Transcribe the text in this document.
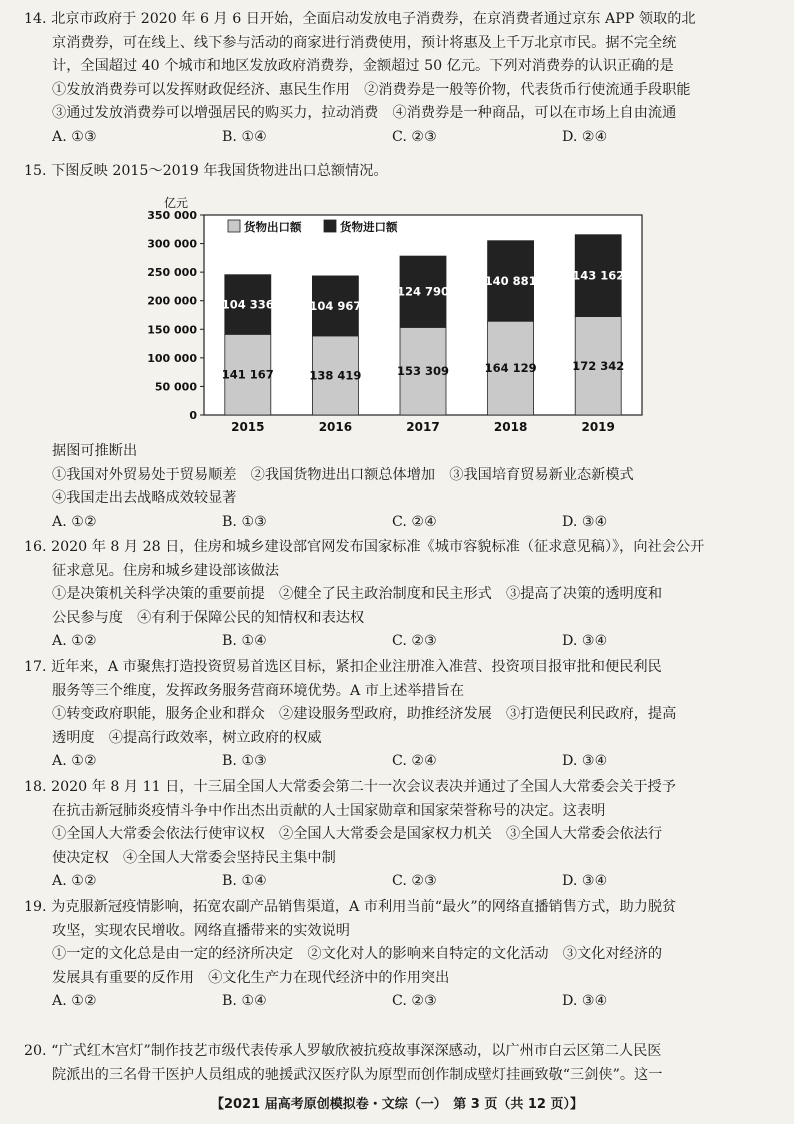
14. 北京市政府于 2020 年 6 月 6 日开始，全面启动发放电子消费券，在京消费者通过京东 APP 领取的北
京消费券，可在线上、线下参与活动的商家进行消费使用，预计将惠及上千万北京市民。据不完全统
计，全国超过 40 个城市和地区发放政府消费券，金额超过 50 亿元。下列对消费券的认识正确的是
①发放消费券可以发挥财政促经济、惠民生作用　②消费券是一般等价物，代表货币行使流通手段职能
③通过发放消费券可以增强居民的购买力，拉动消费　④消费券是一种商品，可以在市场上自由流通
A. ①③	B. ①④	C. ②③	D. ②④
15. 下图反映 2015～2019 年我国货物进出口总额情况。
亿元
0
50 000
100 000
150 000
200 000
250 000
300 000
350 000
141 167
104 336
2015
138 419
104 967
2016
153 309
124 790
2017
164 129
140 881
2018
172 342
143 162
2019
货物出口额	货物进口额
据图可推断出
①我国对外贸易处于贸易顺差　②我国货物进出口额总体增加　③我国培育贸易新业态新模式
④我国走出去战略成效较显著
A. ①②	B. ①③	C. ②④	D. ③④
16. 2020 年 8 月 28 日，住房和城乡建设部官网发布国家标准《城市容貌标准（征求意见稿）》，向社会公开
征求意见。住房和城乡建设部该做法
①是决策机关科学决策的重要前提　②健全了民主政治制度和民主形式　③提高了决策的透明度和
公民参与度　④有利于保障公民的知情权和表达权
A. ①②	B. ①④	C. ②③	D. ③④
17. 近年来，A 市聚焦打造投资贸易首选区目标，紧扣企业注册准入准营、投资项目报审批和便民利民
服务等三个维度，发挥政务服务营商环境优势。A 市上述举措旨在
①转变政府职能，服务企业和群众　②建设服务型政府，助推经济发展　③打造便民利民政府，提高
透明度　④提高行政效率，树立政府的权威
A. ①②	B. ①③	C. ②④	D. ③④
18. 2020 年 8 月 11 日，十三届全国人大常委会第二十一次会议表决并通过了全国人大常委会关于授予
在抗击新冠肺炎疫情斗争中作出杰出贡献的人士国家勋章和国家荣誉称号的决定。这表明
①全国人大常委会依法行使审议权　②全国人大常委会是国家权力机关　③全国人大常委会依法行
使决定权　④全国人大常委会坚持民主集中制
A. ①②	B. ①④	C. ②③	D. ③④
19. 为克服新冠疫情影响，拓宽农副产品销售渠道，A 市利用当前“最火”的网络直播销售方式，助力脱贫
攻坚，实现农民增收。网络直播带来的实效说明
①一定的文化总是由一定的经济所决定　②文化对人的影响来自特定的文化活动　③文化对经济的
发展具有重要的反作用　④文化生产力在现代经济中的作用突出
A. ①②	B. ①④	C. ②③	D. ③④
20. “广式红木宫灯”制作技艺市级代表传承人罗敏欣被抗疫故事深深感动，以广州市白云区第二人民医
院派出的三名骨干医护人员组成的驰援武汉医疗队为原型而创作制成壁灯挂画致敬“三剑侠”。这一
【2021 届高考原创模拟卷・文综（一）　第 3 页（共 12 页）】
